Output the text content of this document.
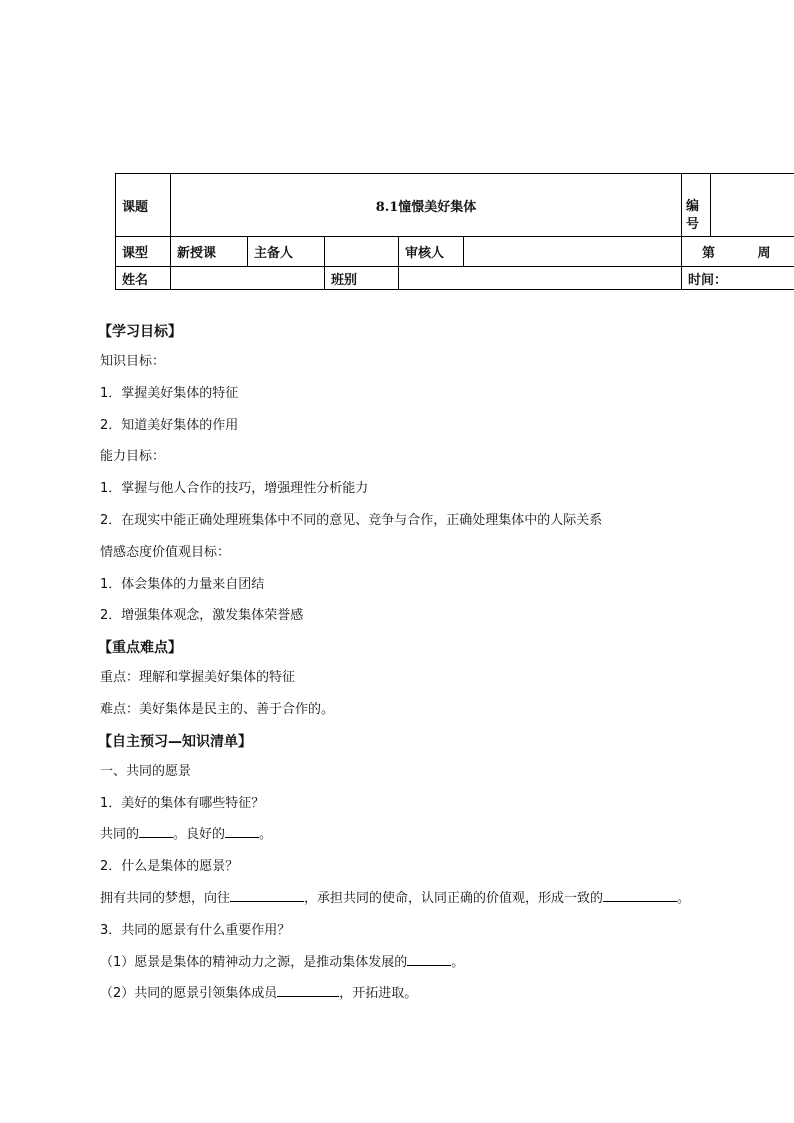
课题	8.1憧憬美好集体					编
号	

课型	新授课	主备人		审核人		第 周	
姓名			班别			时间：	
【学习目标】
知识目标：
1．掌握美好集体的特征
2．知道美好集体的作用
能力目标：
1．掌握与他人合作的技巧，增强理性分析能力
2．在现实中能正确处理班集体中不同的意见、竞争与合作，正确处理集体中的人际关系
情感态度价值观目标：
1．体会集体的力量来自团结
2．增强集体观念，激发集体荣誉感
【重点难点】
重点：理解和掌握美好集体的特征
难点：美好集体是民主的、善于合作的。
【自主预习—知识清单】
一、共同的愿景
1．美好的集体有哪些特征？
共同的	。良好的	。
2．什么是集体的愿景？
拥有共同的梦想，向往	，承担共同的使命，认同正确的价值观，形成一致的	。
3．共同的愿景有什么重要作用？
（1）愿景是集体的精神动力之源，是推动集体发展的	。
（2）共同的愿景引领集体成员	，开拓进取。
